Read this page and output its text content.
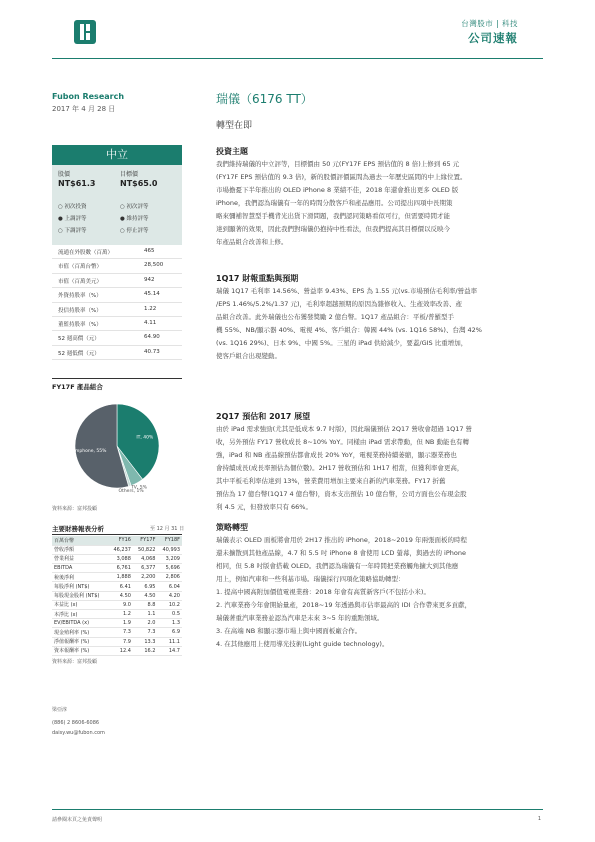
台灣股市 | 科技
公司速報
Fubon Research
2017 年 4 月 28 日
瑞儀（6176 TT）
轉型在即
中立
股價	目標價
NT$61.3	NT$65.0
○ 初次投資	○ 初次評等
● 上調評等	● 維持評等
○ 下調評等	○ 停止評等
流通在外股數（百萬）	465
市值（百萬台幣）	28,500
市值（百萬美元）	942
外資持股率（%）	45.14
投信持股率（%）	1.22
董監持股率（%）	4.11
52 週高價（元）	64.90
52 週低價（元）	40.73
FY17F 產品組合
IT, 40%
TV, 5%
Others, 1%
TEmphone, 55%
資料來源：富邦投顧
主要財務報表分析	至 12 月 31 日
百萬台幣	FY16	FY17F	FY18F
營收淨額	46,237	50,822	40,993
營業利益	3,088	4,068	3,209
EBITDA	6,761	6,377	5,696
稅後淨利	1,888	2,200	2,806
每股淨利 (NT$)	6.41	6.95	6.04
每股現金股利 (NT$)	4.50	4.50	4.20
本益比 (x)	9.0	8.8	10.2
本淨比 (x)	1.2	1.1	0.5
EV/EBITDA (x)	1.9	2.0	1.3
現金殖利率 (%)	7.3	7.3	6.9
淨值報酬率 (%)	7.9	13.3	11.1
資本報酬率 (%)	12.4	16.2	14.7
資料來源：富邦投顧
梁亞淳
(886) 2 8606-6086
daisy.wu@fubon.com
投資主題
我們維持瑞儀的中立評等，目標價由 50 元(FY17F EPS 預估值的 8 倍)上修到 65 元
(FY17F EPS 預估值的 9.3 倍)，新的股價評價區間為過去一年歷史區間的中上緣位置。
市場擔憂下半年推出的 OLED iPhone 8 業績不佳，2018 年還會推出更多 OLED 版
iPhone，我們認為瑞儀有一年的時間分散客戶和產品應用。公司提出四項中長期策
略來彌補智慧型手機背光出貨下滑問題，我們認同策略看似可行，但需要時間才能
達到顯著的效果，因此我們對瑞儀仍抱持中性看法，但我們提高其目標價以反映今
年產品組合改善和上修。
1Q17 財報重點與預期
瑞儀 1Q17 毛利率 14.56%、營益率 9.43%、EPS 為 1.55 元(vs.市場預估毛利率/營益率
/EPS 1.46%/5.2%/1.37 元)，毛利率超越預期的原因為雜修收入、生產效率改善、產
品組合改善。此外瑞儀也公布獲發獎勵 2 億台幣。1Q17 產品組合：平板/普羅型手
機 55%、NB/顯示器 40%、電視 4%、客戶組合：韓國 44% (vs. 1Q16 58%)、台灣 42%
(vs. 1Q16 29%)、日本 9%、中國 5%。三星的 iPad 供給減少，要蓋/GIS 比重增加，
使客戶組合出現變動。
2Q17 預估和 2017 展望
由於 iPad 需求強勁(尤其是低成本 9.7 吋版)，因此瑞儀預估 2Q17 營收會超過 1Q17 營
收，另外預估 FY17 營收成長 8~10% YoY。同樣由 iPad 需求帶動，但 NB 動能也有轉
強，iPad 和 NB 產品線預估都會成長 20% YoY，電視業務持續萎縮，顯示器業務也
會持續成長(成長率預估為個位數)。2H17 營收預估和 1H17 相當，但獲利率會更高，
其中平板毛利率估達到 13%，營業費用增加主要來自新的汽車業務。FY17 折舊
預估為 17 億台幣(1Q17 4 億台幣)，資本支出預估 10 億台幣，公司方面也公布現金股
利 4.5 元，但發放率只有 66%。
策略轉型
瑞儀表示 OLED 面板將會用於 2H17 推出的 iPhone，2018~2019 年兩張面板的時程
還未擴散到其他產品線，4.7 和 5.5 吋 iPhone 8 會使用 LCD 螢幕，與過去的 iPhone
相同，但 5.8 吋版會搭載 OLED。我們認為瑞儀有一年時間把業務觸角擴大到其他應
用上，例如汽車和一些利基市場。瑞儀採行四項化策略協助轉型：
1. 提高中國高附加價值電視業務：2018 年會有高質新客戶(不包括小米)。
2. 汽車業務今年會開始量產，2018~19 年透過與市佔率最高的 IDI 合作帶來更多貢獻，
瑞儀著重汽車業務並認為汽車是未來 3~5 年的重點領域。
3. 在高端 NB 和顯示器市場上與中國面板廠合作。
4. 在其他應用上使用導光技術(Light guide technology)。
請參閱末頁之免責聲明	1
